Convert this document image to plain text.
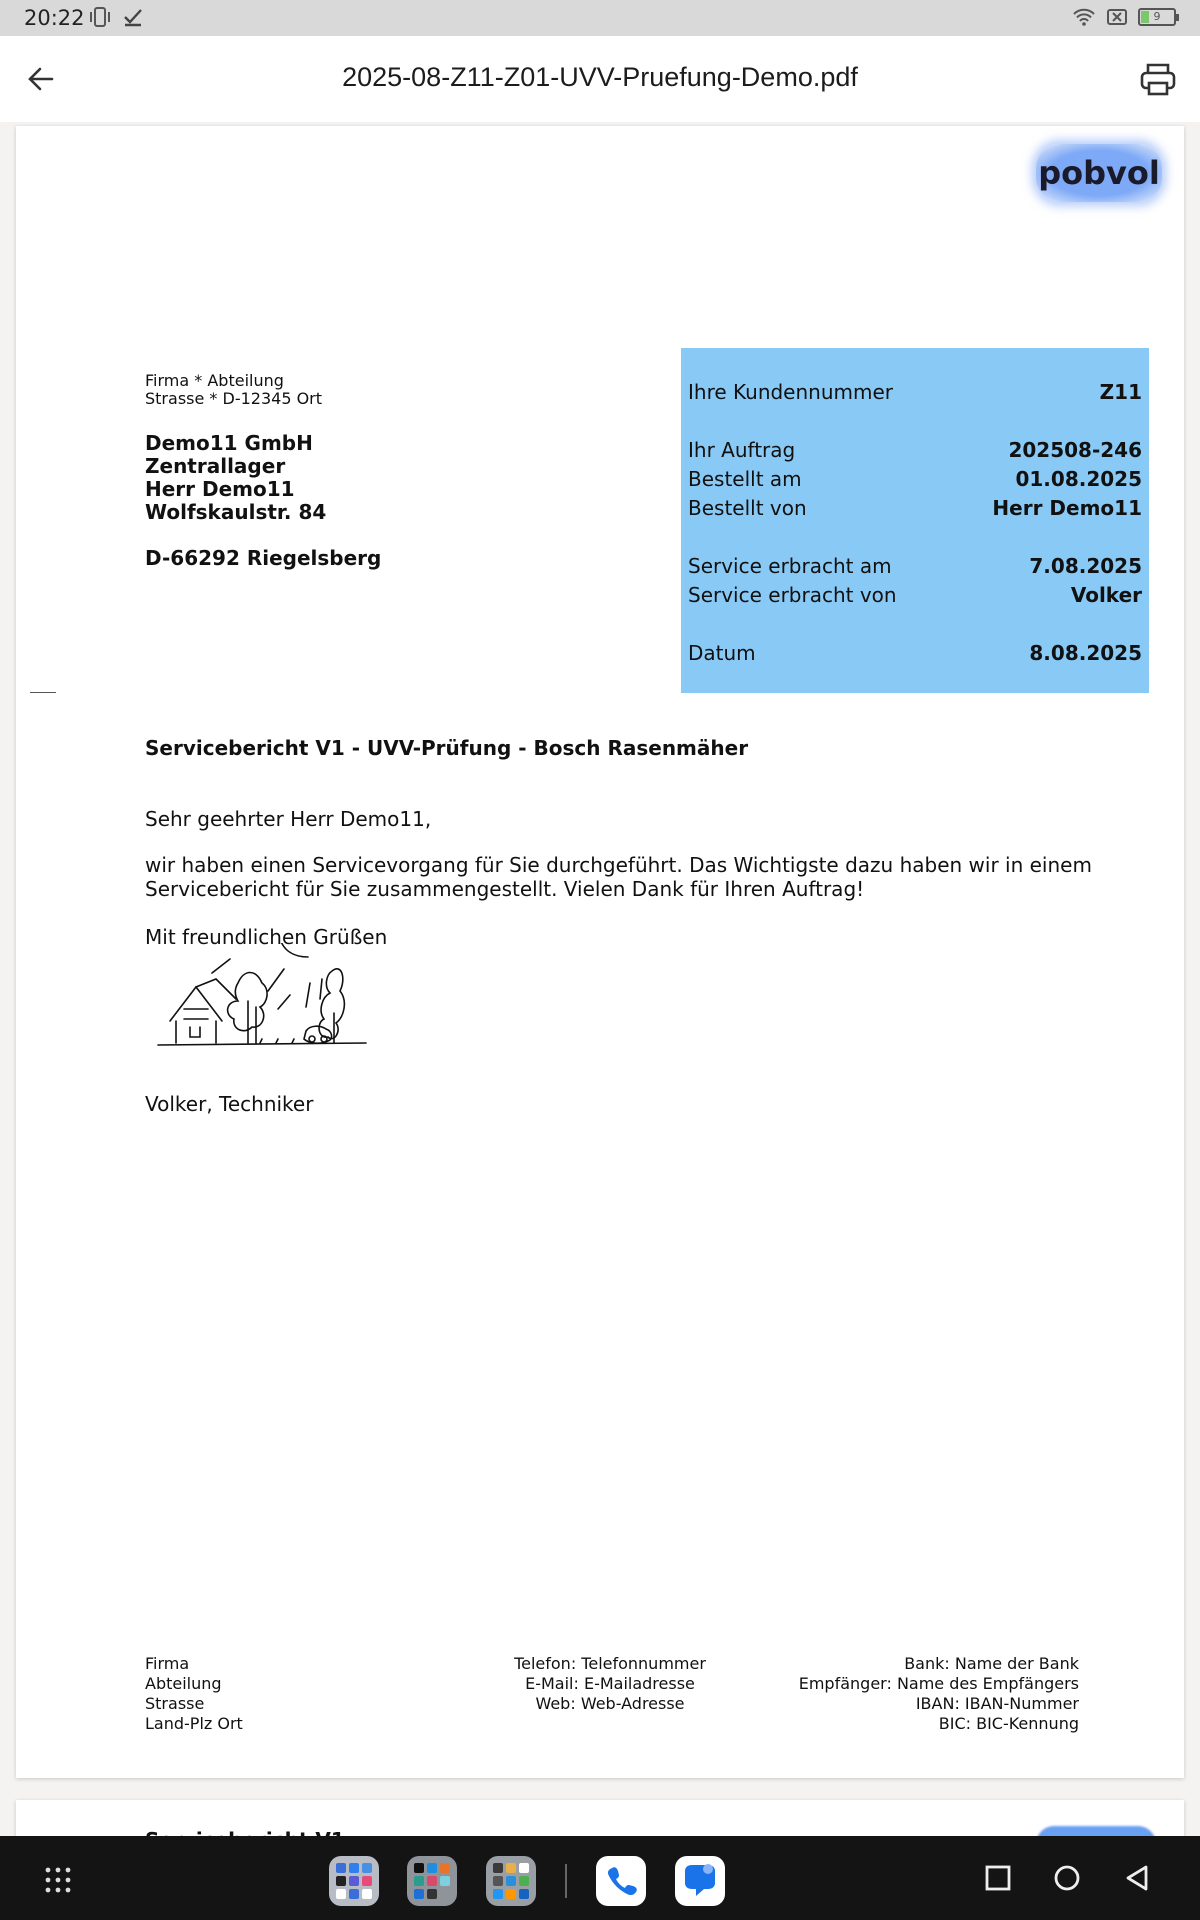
20:22	9
2025-08-Z11-Z01-UVV-Pruefung-Demo.pdf
pobvol
Firma * Abteilung
Strasse * D-12345 Ort
Demo11 GmbH
Zentrallager
Herr Demo11
Wolfskaulstr. 84
D-66292 Riegelsberg
Ihre Kundennummer	Z11
Ihr Auftrag	202508-246
Bestellt am	01.08.2025
Bestellt von	Herr Demo11
Service erbracht am	7.08.2025
Service erbracht von	Volker
Datum	8.08.2025
Servicebericht V1 - UVV-Prüfung - Bosch Rasenmäher
Sehr geehrter Herr Demo11,
wir haben einen Servicevorgang für Sie durchgeführt. Das Wichtigste dazu haben wir in einem
Servicebericht für Sie zusammengestellt. Vielen Dank für Ihren Auftrag!
Mit freundlichen Grüßen
Volker, Techniker
Firma
Abteilung
Strasse
Land-Plz Ort
Telefon: Telefonnummer
E-Mail: E-Mailadresse
Web: Web-Adresse
Bank: Name der Bank
Empfänger: Name des Empfängers
IBAN: IBAN-Nummer
BIC: BIC-Kennung
